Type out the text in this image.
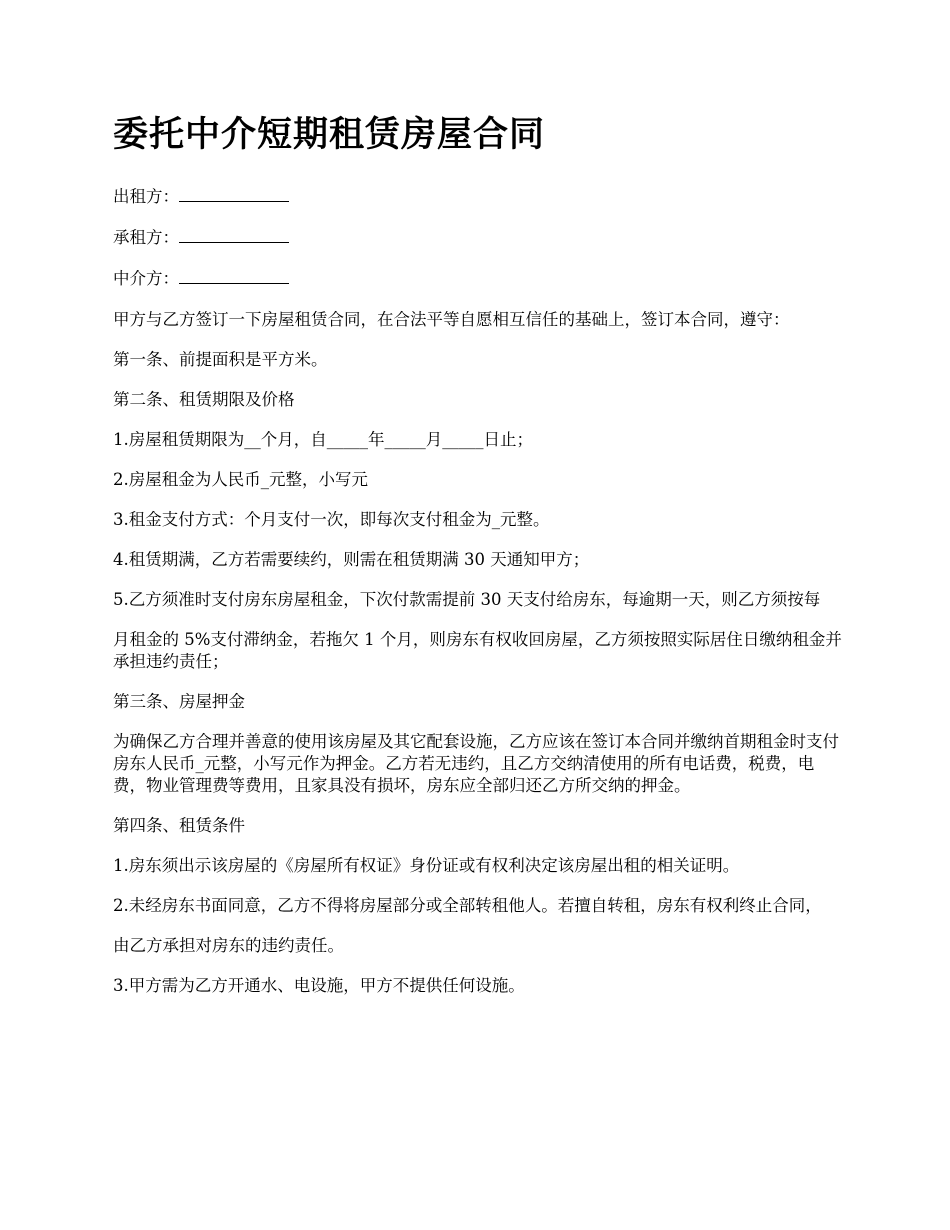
委托中介短期租赁房屋合同

出租方：

承租方：

中介方：

甲方与乙方签订一下房屋租赁合同，在合法平等自愿相互信任的基础上，签订本合同，遵守：

第一条、前提面积是平方米。

第二条、租赁期限及价格

1.房屋租赁期限为__个月，自_____年_____月_____日止；

2.房屋租金为人民币_元整，小写元

3.租金支付方式：个月支付一次，即每次支付租金为_元整。

4.租赁期满，乙方若需要续约，则需在租赁期满 30 天通知甲方；

5.乙方须准时支付房东房屋租金，下次付款需提前 30 天支付给房东，每逾期一天，则乙方须按每

月租金的 5%支付滞纳金，若拖欠 1 个月，则房东有权收回房屋，乙方须按照实际居住日缴纳租金并承担违约责任；

第三条、房屋押金

为确保乙方合理并善意的使用该房屋及其它配套设施，乙方应该在签订本合同并缴纳首期租金时支付房东人民币_元整，小写元作为押金。乙方若无违约，且乙方交纳清使用的所有电话费，税费，电费，物业管理费等费用，且家具没有损坏，房东应全部归还乙方所交纳的押金。

第四条、租赁条件

1.房东须出示该房屋的《房屋所有权证》身份证或有权利决定该房屋出租的相关证明。

2.未经房东书面同意，乙方不得将房屋部分或全部转租他人。若擅自转租，房东有权利终止合同，

由乙方承担对房东的违约责任。

3.甲方需为乙方开通水、电设施，甲方不提供任何设施。
